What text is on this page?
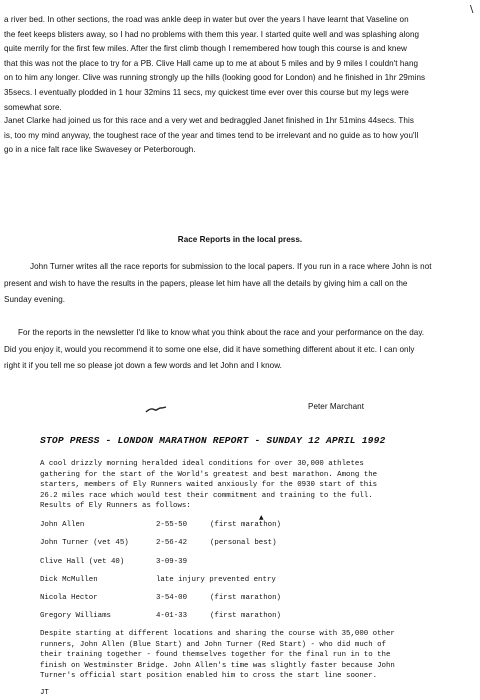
\
a river bed. In other sections, the road was ankle deep in water but over the years I have learnt that Vaseline on
the feet keeps blisters away, so I had no problems with them this year. I started quite well and was splashing along
quite merrily for the first few miles. After the first climb though I remembered how tough this course is and knew
that this was not the place to try for a PB. Clive Hall came up to me at about 5 miles and by 9 miles I couldn't hang
on to him any longer. Clive was running strongly up the hills (looking good for London) and he finished in 1hr 29mins
35secs. I eventually plodded in 1 hour 32mins 11 secs, my quickest time ever over this course but my legs were
somewhat sore.
Janet Clarke had joined us for this race and a very wet and bedraggled Janet finished in 1hr 51mins 44secs. This
is, too my mind anyway, the toughest race of the year and times tend to be irrelevant and no guide as to how you'll
go in a nice falt race like Swavesey or Peterborough.
Race Reports in the local press.
John Turner writes all the race reports for submission to the local papers. If you run in a race where John is not
present and wish to have the results in the papers, please let him have all the details by giving him a call on the
Sunday evening.
For the reports in the newsletter I'd like to know what you think about the race and your performance on the day.
Did you enjoy it, would you recommend it to some one else, did it have something different about it etc. I can only
right it if you tell me so please jot down a few words and let John and I know.
Peter Marchant
STOP PRESS - LONDON MARATHON REPORT - SUNDAY 12 APRIL 1992
A cool drizzly morning heralded ideal conditions for over 30,000 athletes
gathering for the start of the World's greatest and best marathon. Among the
starters, members of Ely Runners waited anxiously for the 0930 start of this
26.2 miles race which would test their commitment and training to the full.
Results of Ely Runners as follows:
▲
John Allen	2-55-50	(first marathon)
John Turner (vet 45)	2-56-42	(personal best)
Clive Hall (vet 40)	3-09-39
Dick McMullen	late injury prevented entry
Nicola Hector	3-54-00	(first marathon)
Gregory Williams	4-01-33	(first marathon)
Despite starting at different locations and sharing the course with 35,000 other
runners, John Allen (Blue Start) and John Turner (Red Start) - who did much of
their training together - found themselves together for the final run in to the
finish on Westminster Bridge. John Allen's time was slightly faster because John
Turner's official start position enabled him to cross the start line sooner.
JT
